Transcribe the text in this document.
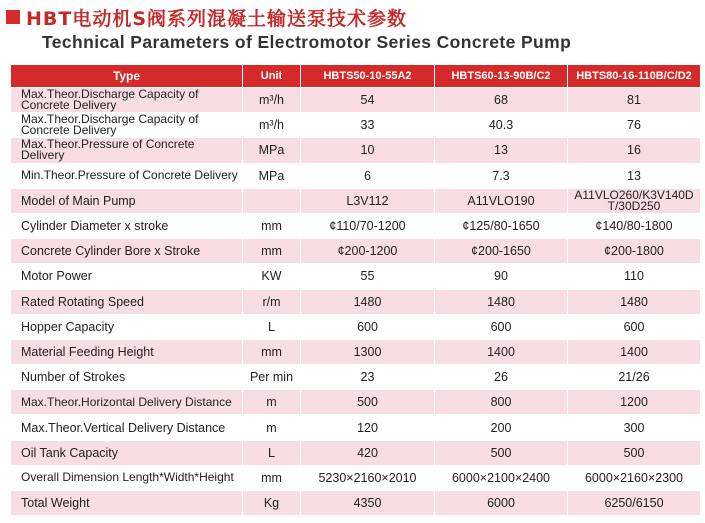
HBT电动机S阀系列混凝土输送泵技术参数
Technical Parameters of Electromotor Series Concrete Pump
Type	Unit	HBTS50-10-55A2	HBTS60-13-90B/C2	HBTS80-16-110B/C/D2
Max.Theor.Discharge Capacity of Concrete Delivery	m³/h	54	68	81
Max.Theor.Discharge Capacity of Concrete Delivery	m³/h	33	40.3	76
Max.Theor.Pressure of Concrete Delivery	MPa	10	13	16
Min.Theor.Pressure of Concrete Delivery	MPa	6	7.3	13
Model of Main Pump		L3V112	A11VLO190	A11VLO260/K3V140DT/30D250
Cylinder Diameter x stroke	mm	¢110/70-1200	¢125/80-1650	¢140/80-1800
Concrete Cylinder Bore x Stroke	mm	¢200-1200	¢200-1650	¢200-1800
Motor Power	KW	55	90	110
Rated Rotating Speed	r/m	1480	1480	1480
Hopper Capacity	L	600	600	600
Material Feeding Height	mm	1300	1400	1400
Number of Strokes	Per min	23	26	21/26
Max.Theor.Horizontal Delivery Distance	m	500	800	1200
Max.Theor.Vertical Delivery Distance	m	120	200	300
Oil Tank Capacity	L	420	500	500
Overall Dimension Length*Width*Height	mm	5230×2160×2010	6000×2100×2400	6000×2160×2300
Total Weight	Kg	4350	6000	6250/6150
